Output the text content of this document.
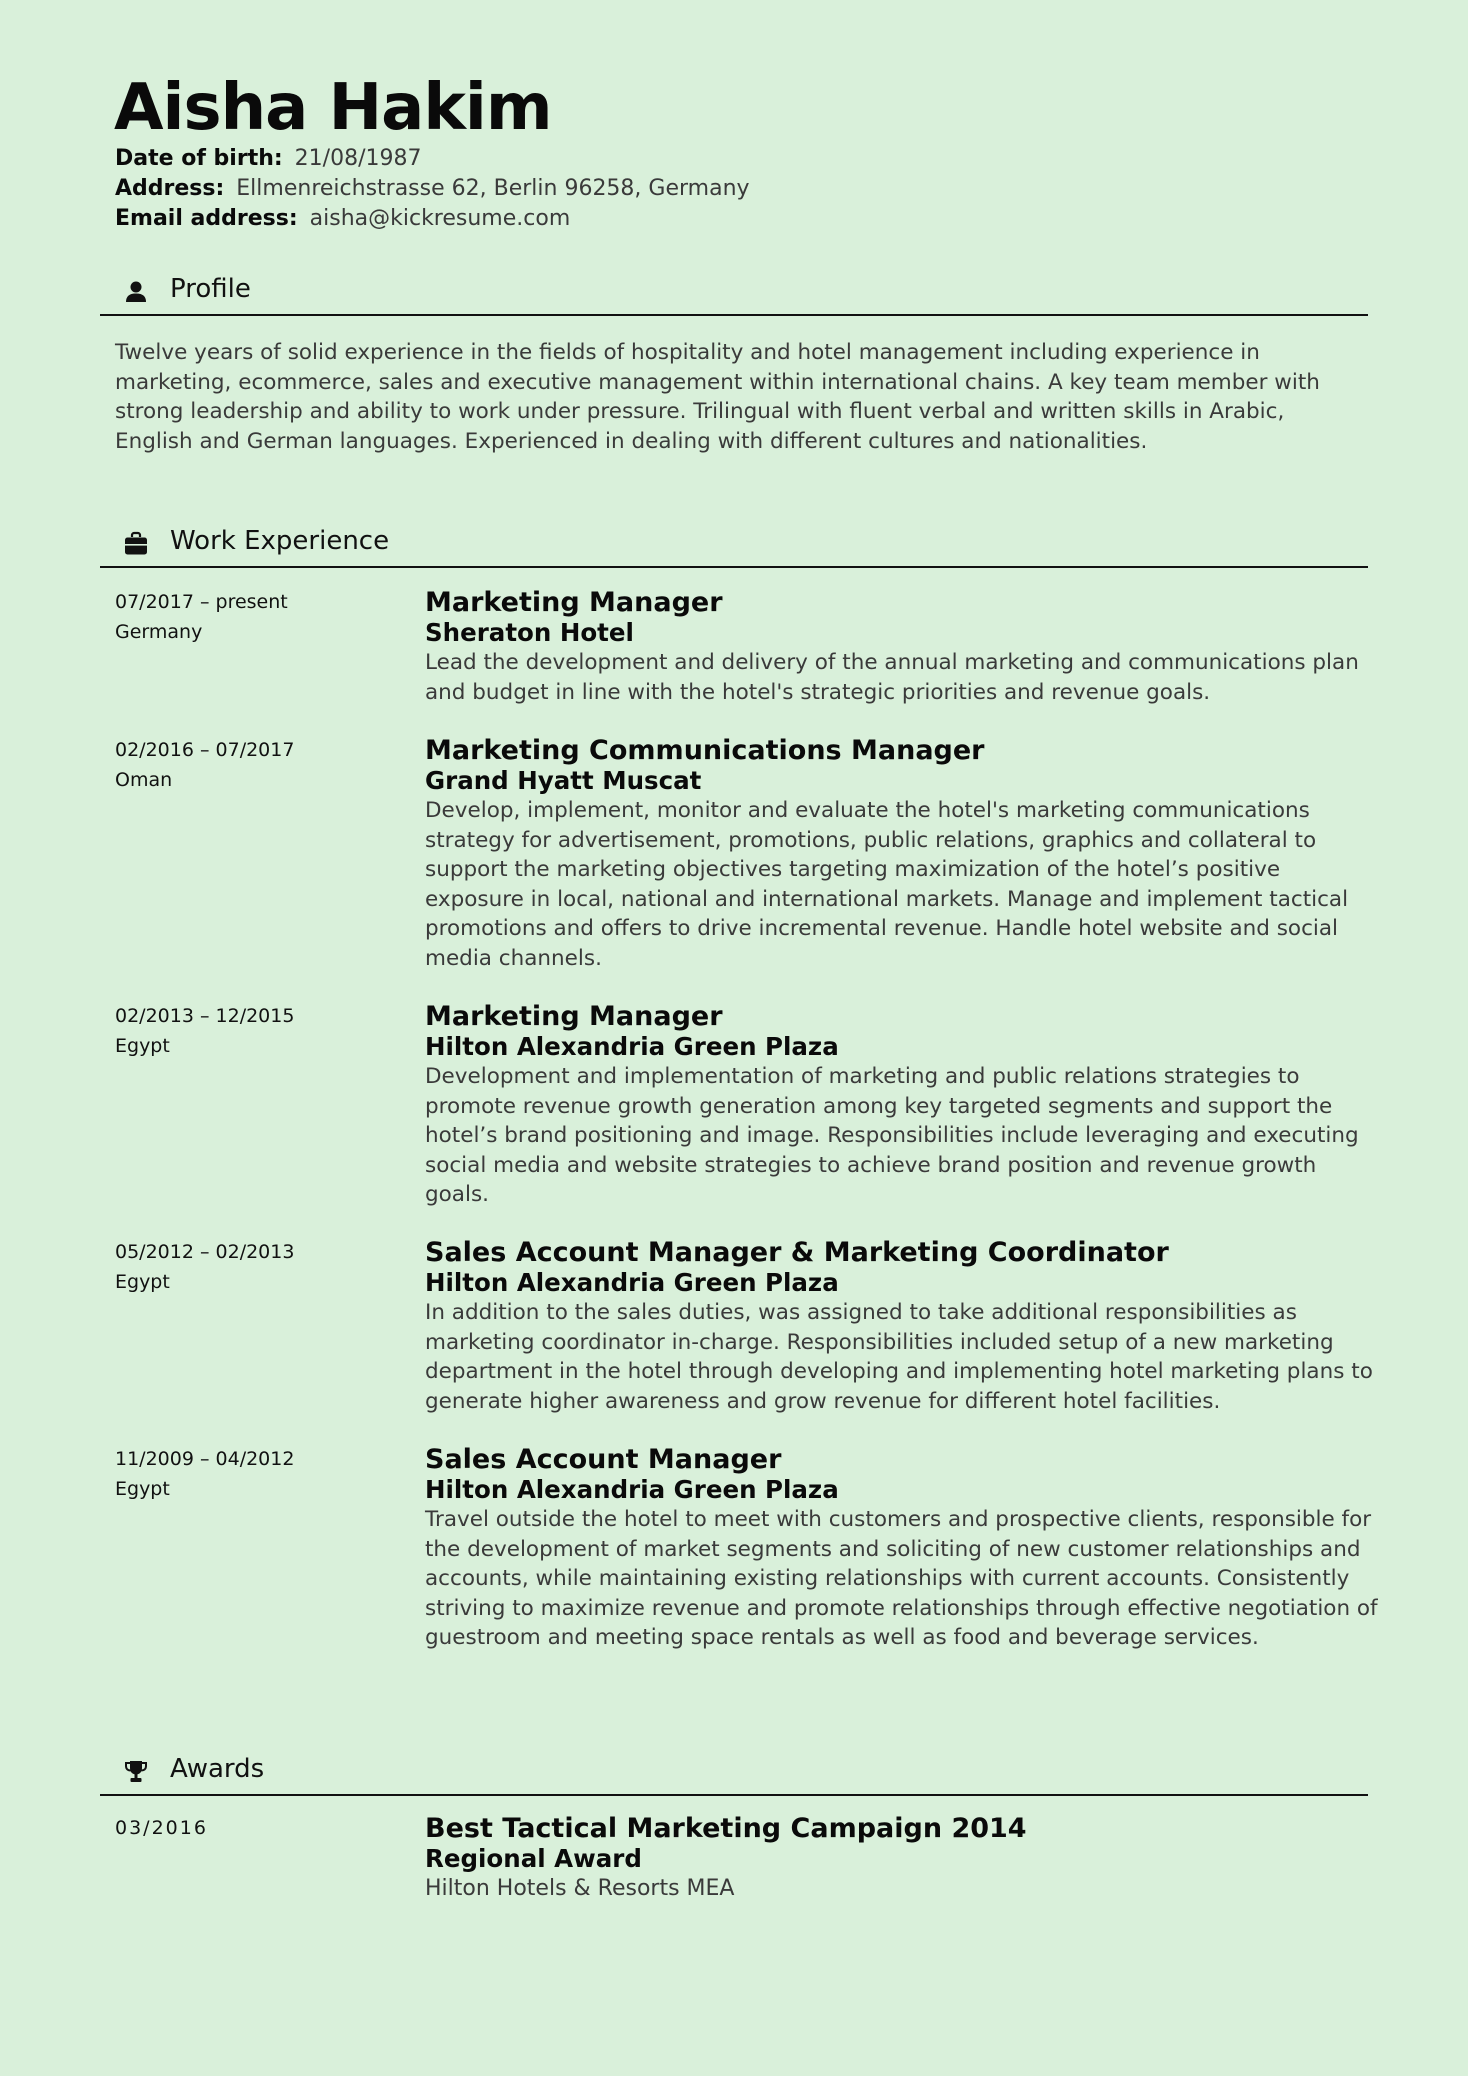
Aisha Hakim
Date of birth: 21/08/1987
Address: Ellmenreichstrasse 62, Berlin 96258, Germany
Email address: aisha@kickresume.com
Profile

Twelve years of solid experience in the fields of hospitality and hotel management including experience in marketing, ecommerce, sales and executive management within international chains. A key team member with strong leadership and ability to work under pressure. Trilingual with fluent verbal and written skills in Arabic, English and German languages. Experienced in dealing with different cultures and nationalities.

Work Experience
07/2017 – present
Germany
Marketing Manager
Sheraton Hotel

Lead the development and delivery of the annual marketing and communications plan and budget in line with the hotel's strategic priorities and revenue goals.

02/2016 – 07/2017
Oman
Marketing Communications Manager
Grand Hyatt Muscat

Develop, implement, monitor and evaluate the hotel's marketing communications strategy for advertisement, promotions, public relations, graphics and collateral to support the marketing objectives targeting maximization of the hotel’s positive exposure in local, national and international markets. Manage and implement tactical promotions and offers to drive incremental revenue. Handle hotel website and social media channels.

02/2013 – 12/2015
Egypt
Marketing Manager
Hilton Alexandria Green Plaza

Development and implementation of marketing and public relations strategies to promote revenue growth generation among key targeted segments and support the hotel’s brand positioning and image. Responsibilities include leveraging and executing social media and website strategies to achieve brand position and revenue growth goals.

05/2012 – 02/2013
Egypt
Sales Account Manager & Marketing Coordinator
Hilton Alexandria Green Plaza

In addition to the sales duties, was assigned to take additional responsibilities as marketing coordinator in-charge. Responsibilities included setup of a new marketing department in the hotel through developing and implementing hotel marketing plans to generate higher awareness and grow revenue for different hotel facilities.

11/2009 – 04/2012
Egypt
Sales Account Manager
Hilton Alexandria Green Plaza

Travel outside the hotel to meet with customers and prospective clients, responsible for the development of market segments and soliciting of new customer relationships and accounts, while maintaining existing relationships with current accounts. Consistently striving to maximize revenue and promote relationships through effective negotiation of guestroom and meeting space rentals as well as food and beverage services.

Awards
03/2016	Best Tactical Marketing Campaign 2014
Regional Award
Hilton Hotels & Resorts MEA
